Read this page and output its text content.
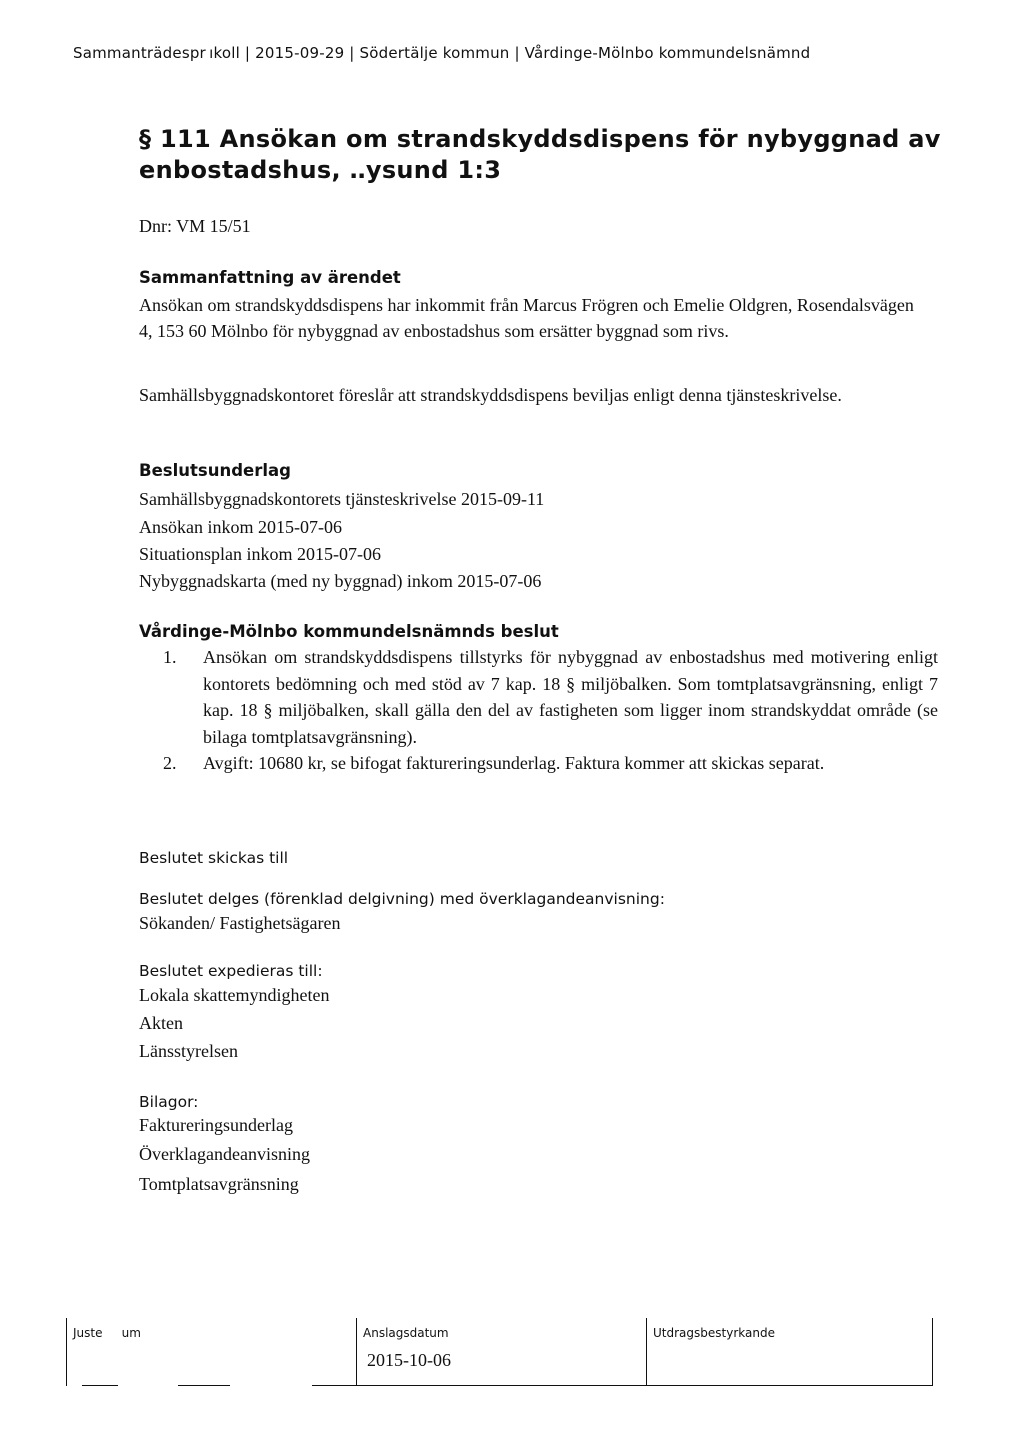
Sammanträdespr ıkoll | 2015-09-29 | Södertälje kommun | Vårdinge-Mölnbo kommundelsnämnd
§ 111 Ansökan om strandskyddsdispens för nybyggnad av
enbostadshus, ‥ysund 1:3
Dnr: VM 15/51
Sammanfattning av ärendet
Ansökan om strandskyddsdispens har inkommit från Marcus Frögren och Emelie Oldgren, Rosendalsvägen 4, 153 60 Mölnbo för nybyggnad av enbostadshus som ersätter byggnad som rivs.
Samhällsbyggnadskontoret föreslår att strandskyddsdispens beviljas enligt denna tjänsteskrivelse.
Beslutsunderlag
Samhällsbyggnadskontorets tjänsteskrivelse 2015-09-11
Ansökan inkom 2015-07-06
Situationsplan inkom 2015-07-06
Nybyggnadskarta (med ny byggnad) inkom 2015-07-06
Vårdinge-Mölnbo kommundelsnämnds beslut
1. Ansökan om strandskyddsdispens tillstyrks för nybyggnad av enbostadshus med motivering enligt kontorets bedömning och med stöd av 7 kap. 18 § miljöbalken. Som tomtplatsavgränsning, enligt 7 kap. 18 § miljöbalken, skall gälla den del av fastigheten som ligger inom strandskyddat område (se bilaga tomtplatsavgränsning).
2. Avgift: 10680 kr, se bifogat faktureringsunderlag. Faktura kommer att skickas separat.
Beslutet skickas till
Beslutet delges (förenklad delgivning) med överklagandeanvisning:
Sökanden/ Fastighetsägaren
Beslutet expedieras till:
Lokala skattemyndigheten
Akten
Länsstyrelsen
Bilagor:
Faktureringsunderlag
Överklagandeanvisning
Tomtplatsavgränsning
Juste        um	Anslagsdatum
2015-10-06
Utdragsbestyrkande
